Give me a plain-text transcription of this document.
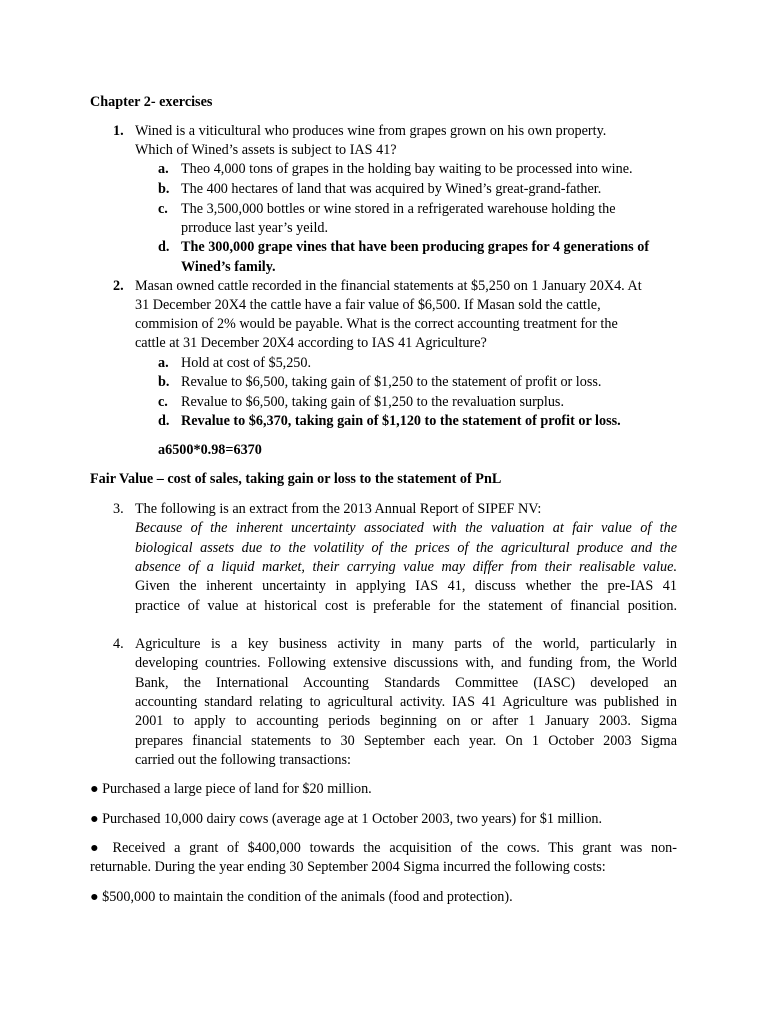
Chapter 2- exercises
1. Wined is a viticultural who produces wine from grapes grown on his own property.
Which of Wined’s assets is subject to IAS 41?
a. Theo 4,000 tons of grapes in the holding bay waiting to be processed into wine.
b. The 400 hectares of land that was acquired by Wined’s great-grand-father.
c. The 3,500,000 bottles or wine stored in a refrigerated warehouse holding the
prroduce last year’s yeild.
d. The 300,000 grape vines that have been producing grapes for 4 generations of
Wined’s family.
2. Masan owned cattle recorded in the financial statements at $5,250 on 1 January 20X4. At
31 December 20X4 the cattle have a fair value of $6,500. If Masan sold the cattle,
commision of 2% would be payable. What is the correct accounting treatment for the
cattle at 31 December 20X4 according to IAS 41 Agriculture?
a. Hold at cost of $5,250.
b. Revalue to $6,500, taking gain of $1,250 to the statement of profit or loss.
c. Revalue to $6,500, taking gain of $1,250 to the revaluation surplus.
d. Revalue to $6,370, taking gain of $1,120 to the statement of profit or loss.
a6500*0.98=6370
Fair Value – cost of sales, taking gain or loss to the statement of PnL
3. The following is an extract from the 2013 Annual Report of SIPEF NV:
Because of the inherent uncertainty associated with the valuation at fair value of the
biological assets due to the volatility of the prices of the agricultural produce and the
absence of a liquid market, their carrying value may differ from their realisable value.
Given the inherent uncertainty in applying IAS 41, discuss whether the pre-IAS 41
practice of value at historical cost is preferable for the statement of financial position.
4. Agriculture is a key business activity in many parts of the world, particularly in
developing countries. Following extensive discussions with, and funding from, the World
Bank, the International Accounting Standards Committee (IASC) developed an
accounting standard relating to agricultural activity. IAS 41 Agriculture was published in
2001 to apply to accounting periods beginning on or after 1 January 2003. Sigma
prepares financial statements to 30 September each year. On 1 October 2003 Sigma
carried out the following transactions:
● Purchased a large piece of land for $20 million.
● Purchased 10,000 dairy cows (average age at 1 October 2003, two years) for $1 million.
● Received a grant of $400,000 towards the acquisition of the cows. This grant was non-
returnable. During the year ending 30 September 2004 Sigma incurred the following costs:
● $500,000 to maintain the condition of the animals (food and protection).
